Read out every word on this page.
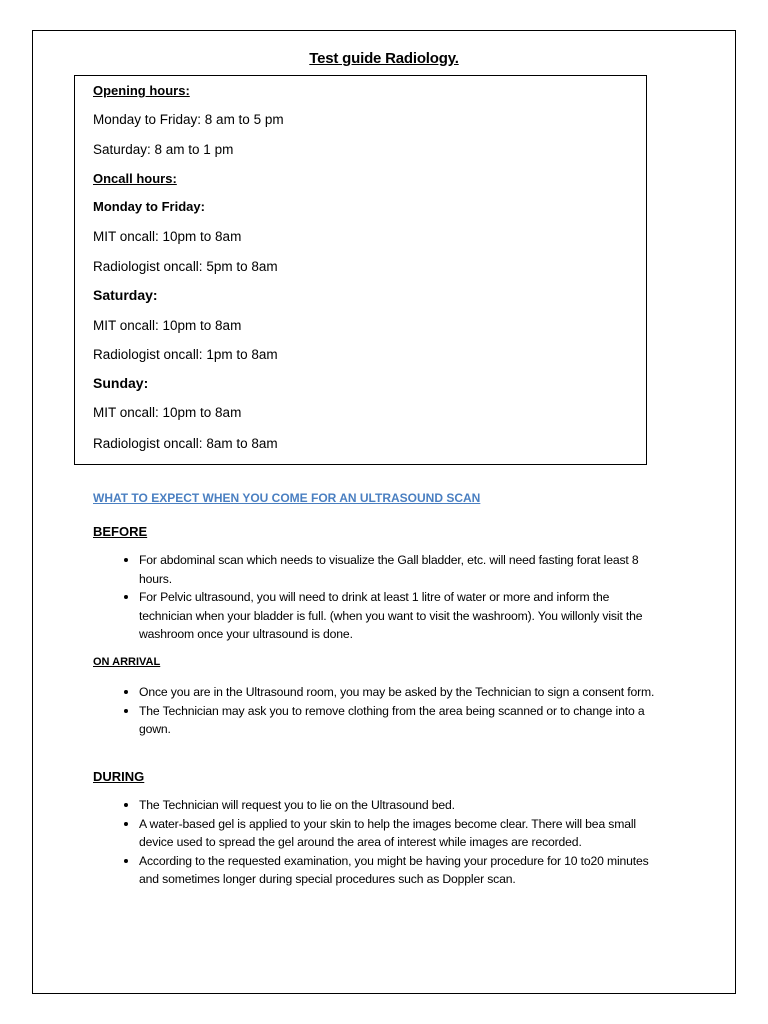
Test guide Radiology.
Opening hours:
Monday to Friday: 8 am to 5 pm
Saturday: 8 am to 1 pm
Oncall hours:
Monday to Friday:
MIT oncall: 10pm to 8am
Radiologist oncall: 5pm to 8am
Saturday:
MIT oncall: 10pm to 8am
Radiologist oncall: 1pm to 8am
Sunday:
MIT oncall: 10pm to 8am
Radiologist oncall: 8am to 8am
WHAT TO EXPECT WHEN YOU COME FOR AN ULTRASOUND SCAN
BEFORE
• For abdominal scan which needs to visualize the Gall bladder, etc. will need fasting forat least 8 hours.
• For Pelvic ultrasound, you will need to drink at least 1 litre of water or more and inform the technician when your bladder is full. (when you want to visit the washroom). You willonly visit the washroom once your ultrasound is done.
ON ARRIVAL
• Once you are in the Ultrasound room, you may be asked by the Technician to sign a consent form.
• The Technician may ask you to remove clothing from the area being scanned or to change into a gown.
DURING
• The Technician will request you to lie on the Ultrasound bed.
• A water-based gel is applied to your skin to help the images become clear. There will bea small device used to spread the gel around the area of interest while images are recorded.
• According to the requested examination, you might be having your procedure for 10 to20 minutes and sometimes longer during special procedures such as Doppler scan.
